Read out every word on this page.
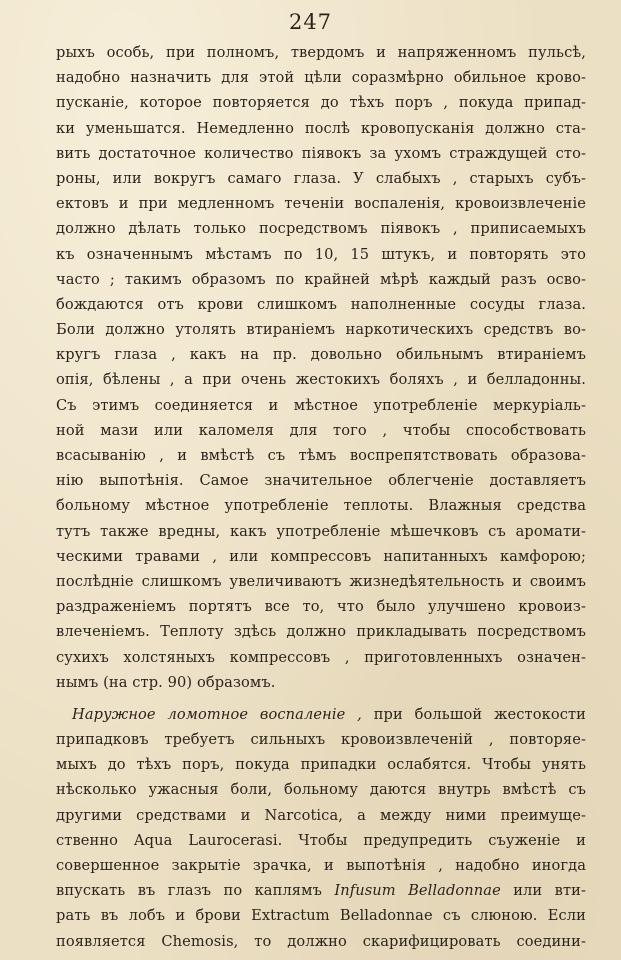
247
рыхъ особь, при полномъ, твердомъ и напряженномъ пульсѣ,
надобно назначить для этой цѣли соразмѣрно обильное крово-
пусканіе, которое повторяется до тѣхъ поръ , покуда припад-
ки уменьшатся. Немедленно послѣ кровопусканія должно ста-
вить достаточное количество піявокъ за ухомъ страждущей сто-
роны, или вокругъ самаго глаза. У слабыхъ , старыхъ субъ-
ектовъ и при медленномъ теченіи воспаленія, кровоизвлеченіе
должно дѣлать только посредствомъ піявокъ , приписаемыхъ
къ означеннымъ мѣстамъ по 10, 15 штукъ, и повторять это
часто ; такимъ образомъ по крайней мѣрѣ каждый разъ осво-
бождаются отъ крови слишкомъ наполненные сосуды глаза.
Боли должно утолять втираніемъ наркотическихъ средствъ во-
кругъ глаза , какъ на пр. довольно обильнымъ втираніемъ
опія, бѣлены , а при очень жестокихъ боляхъ , и белладонны.
Съ этимъ соединяется и мѣстное употребленіе меркуріаль-
ной мази или каломеля для того , чтобы способствовать
всасыванію , и вмѣстѣ съ тѣмъ воспрепятствовать образова-
нію выпотѣнія. Самое значительное облегченіе доставляетъ
больному мѣстное употребленіе теплоты. Влажныя средства
тутъ также вредны, какъ употребленіе мѣшечковъ съ аромати-
ческими травами , или компрессовъ напитанныхъ камфорою;
послѣдніе слишкомъ увеличиваютъ жизнедѣятельность и своимъ
раздраженіемъ портятъ все то, что было улучшено кровоиз-
влеченіемъ. Теплоту здѣсь должно прикладывать посредствомъ
сухихъ холстяныхъ компрессовъ , приготовленныхъ означен-
нымъ (на стр. 90) образомъ.
Наружное ломотное воспаленіе , при большой жестокости
припадковъ требуетъ сильныхъ кровоизвлеченій , повторяе-
мыхъ до тѣхъ поръ, покуда припадки ослабятся. Чтобы унять
нѣсколько ужасныя боли, больному даются внутрь вмѣстѣ съ
другими средствами и Narcotica, а между ними преимуще-
ственно Aqua Laurocerasi. Чтобы предупредить съуженіе и
совершенное закрытіе зрачка, и выпотѣнія , надобно иногда
впускать въ глазъ по каплямъ Infusum Belladonnae или вти-
рать въ лобъ и брови Extractum Belladonnae съ слюною. Если
появляется Chemosis, то должно скарифицировать соедини-
